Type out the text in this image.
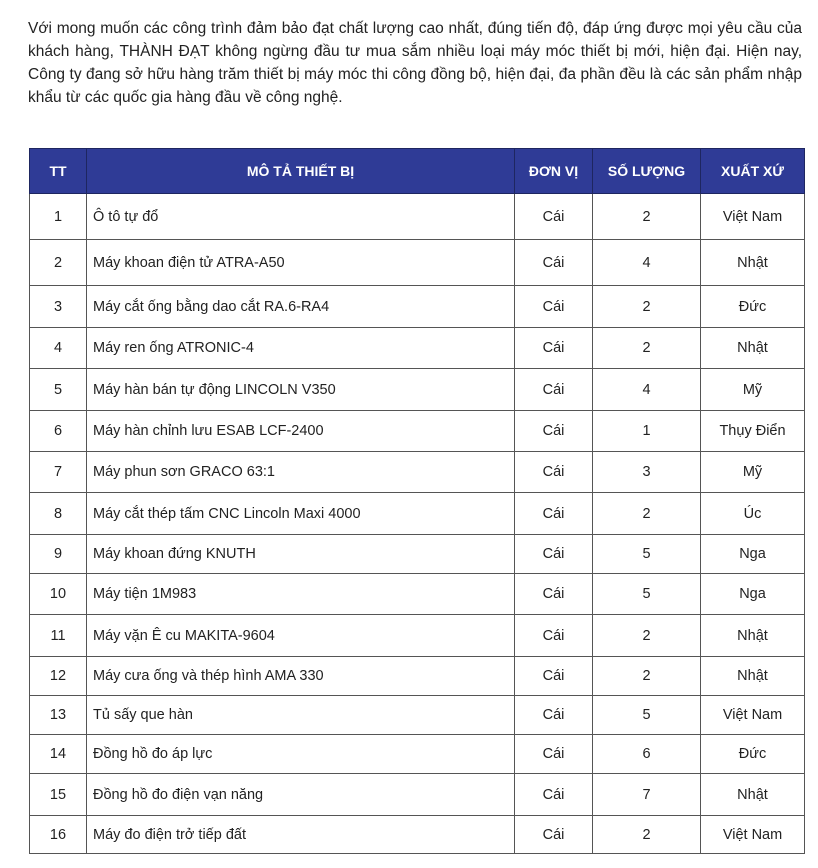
Với mong muốn các công trình đảm bảo đạt chất lượng cao nhất, đúng tiến độ, đáp ứng được mọi yêu cầu của khách hàng, THÀNH ĐẠT không ngừng đầu tư mua sắm nhiều loại máy móc thiết bị mới, hiện đại. Hiện nay, Công ty đang sở hữu hàng trăm thiết bị máy móc thi công đồng bộ, hiện đại, đa phần đều là các sản phẩm nhập khẩu từ các quốc gia hàng đầu về công nghệ.

TT	MÔ TẢ THIẾT BỊ	ĐƠN VỊ	SỐ LƯỢNG	XUẤT XỨ
1	Ô tô tự đổ	Cái	2	Việt Nam
2	Máy khoan điện tử ATRA-A50	Cái	4	Nhật
3	Máy cắt ống bằng dao cắt RA.6-RA4	Cái	2	Đức
4	Máy ren ống ATRONIC-4	Cái	2	Nhật
5	Máy hàn bán tự động LINCOLN V350	Cái	4	Mỹ
6	Máy hàn chỉnh lưu ESAB LCF-2400	Cái	1	Thụy Điển
7	Máy phun sơn GRACO 63:1	Cái	3	Mỹ
8	Máy cắt thép tấm CNC Lincoln Maxi 4000	Cái	2	Úc
9	Máy khoan đứng KNUTH	Cái	5	Nga
10	Máy tiện 1M983	Cái	5	Nga
11	Máy vặn Ê cu MAKITA-9604	Cái	2	Nhật
12	Máy cưa ống và thép hình AMA 330	Cái	2	Nhật
13	Tủ sấy que hàn	Cái	5	Việt Nam
14	Đồng hồ đo áp lực	Cái	6	Đức
15	Đồng hồ đo điện vạn năng	Cái	7	Nhật
16	Máy đo điện trở tiếp đất	Cái	2	Việt Nam
